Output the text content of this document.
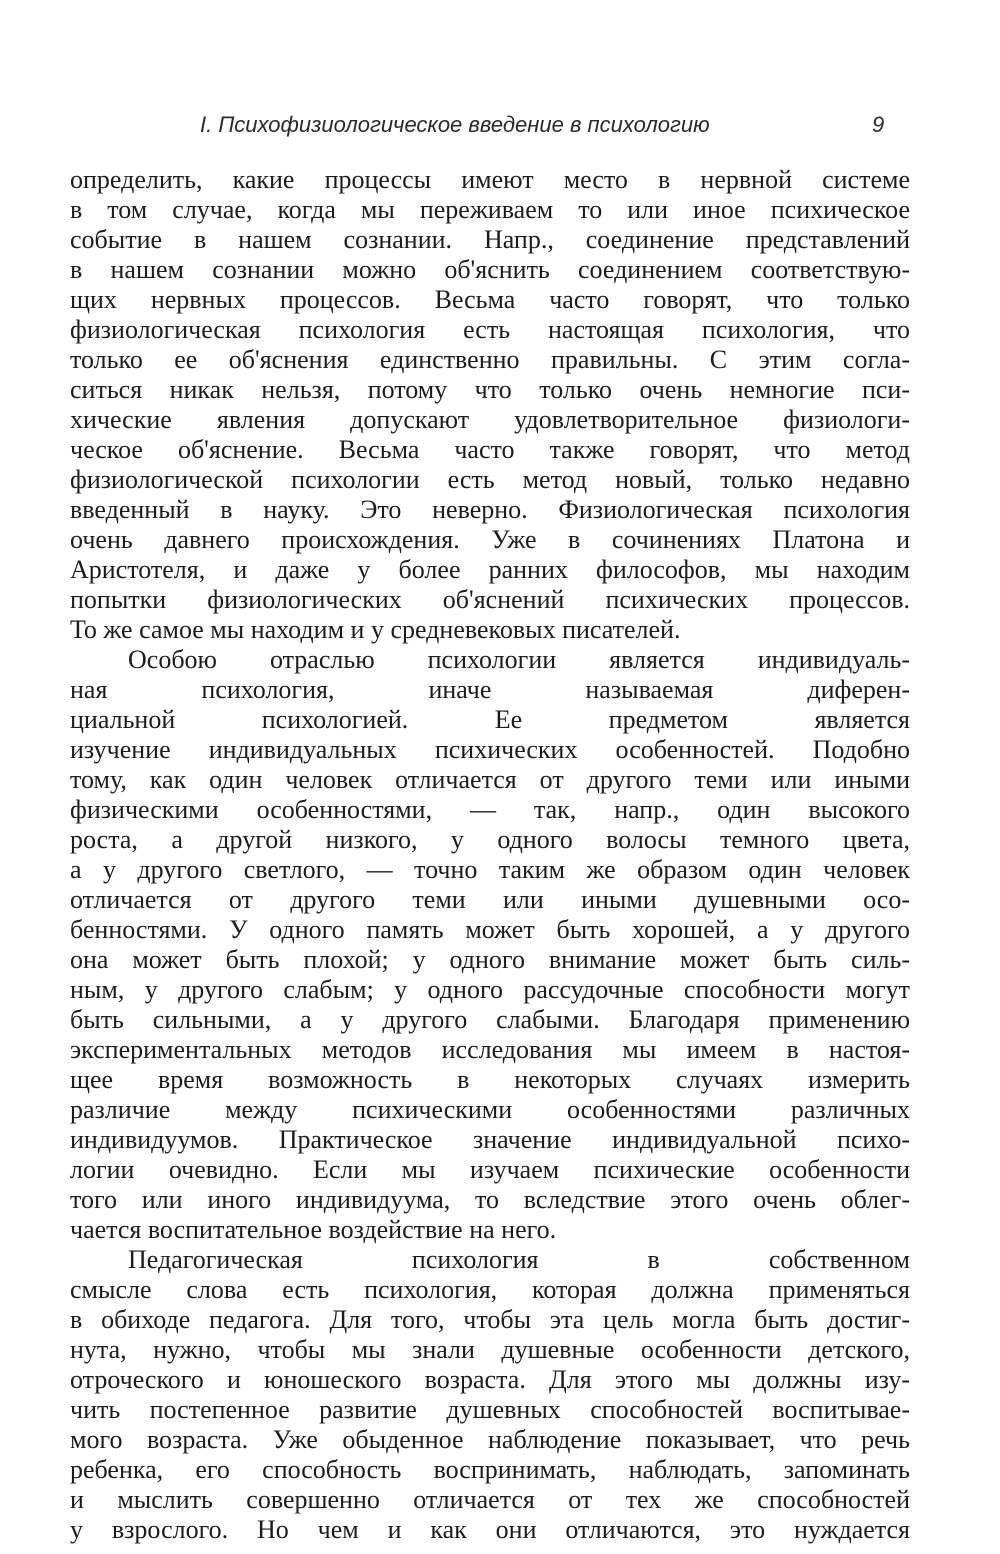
I. Психофизиологическое введение в психологию	9
определить, какие процессы имеют место в нервной системе
в том случае, когда мы переживаем то или иное психическое
событие в нашем сознании. Напр., соединение представлений
в нашем сознании можно об'яснить соединением соответствую-
щих нервных процессов. Весьма часто говорят, что только
физиологическая психология есть настоящая психология, что
только ее об'яснения единственно правильны. С этим согла-
ситься никак нельзя, потому что только очень немногие пси-
хические явления допускают удовлетворительное физиологи-
ческое об'яснение. Весьма часто также говорят, что метод
физиологической психологии есть метод новый, только недавно
введенный в науку. Это неверно. Физиологическая психология
очень давнего происхождения. Уже в сочинениях Платона и
Аристотеля, и даже у более ранних философов, мы находим
попытки физиологических об'яснений психических процессов.
То же самое мы находим и у средневековых писателей.
Особою отраслью психологии является индивидуаль-
ная психология, иначе называемая диферен-
циальной психологией. Ее предметом является
изучение индивидуальных психических особенностей. Подобно
тому, как один человек отличается от другого теми или иными
физическими особенностями, — так, напр., один высокого
роста, а другой низкого, у одного волосы темного цвета,
а у другого светлого, — точно таким же образом один человек
отличается от другого теми или иными душевными осо-
бенностями. У одного память может быть хорошей, а у другого
она может быть плохой; у одного внимание может быть силь-
ным, у другого слабым; у одного рассудочные способности могут
быть сильными, а у другого слабыми. Благодаря применению
экспериментальных методов исследования мы имеем в настоя-
щее время возможность в некоторых случаях измерить
различие между психическими особенностями различных
индивидуумов. Практическое значение индивидуальной психо-
логии очевидно. Если мы изучаем психические особенности
того или иного индивидуума, то вследствие этого очень облег-
чается воспитательное воздействие на него.
Педагогическая психология в собственном
смысле слова есть психология, которая должна применяться
в обиходе педагога. Для того, чтобы эта цель могла быть достиг-
нута, нужно, чтобы мы знали душевные особенности детского,
отроческого и юношеского возраста. Для этого мы должны изу-
чить постепенное развитие душевных способностей воспитывае-
мого возраста. Уже обыденное наблюдение показывает, что речь
ребенка, его способность воспринимать, наблюдать, запоминать
и мыслить совершенно отличается от тех же способностей
у взрослого. Но чем и как они отличаются, это нуждается
